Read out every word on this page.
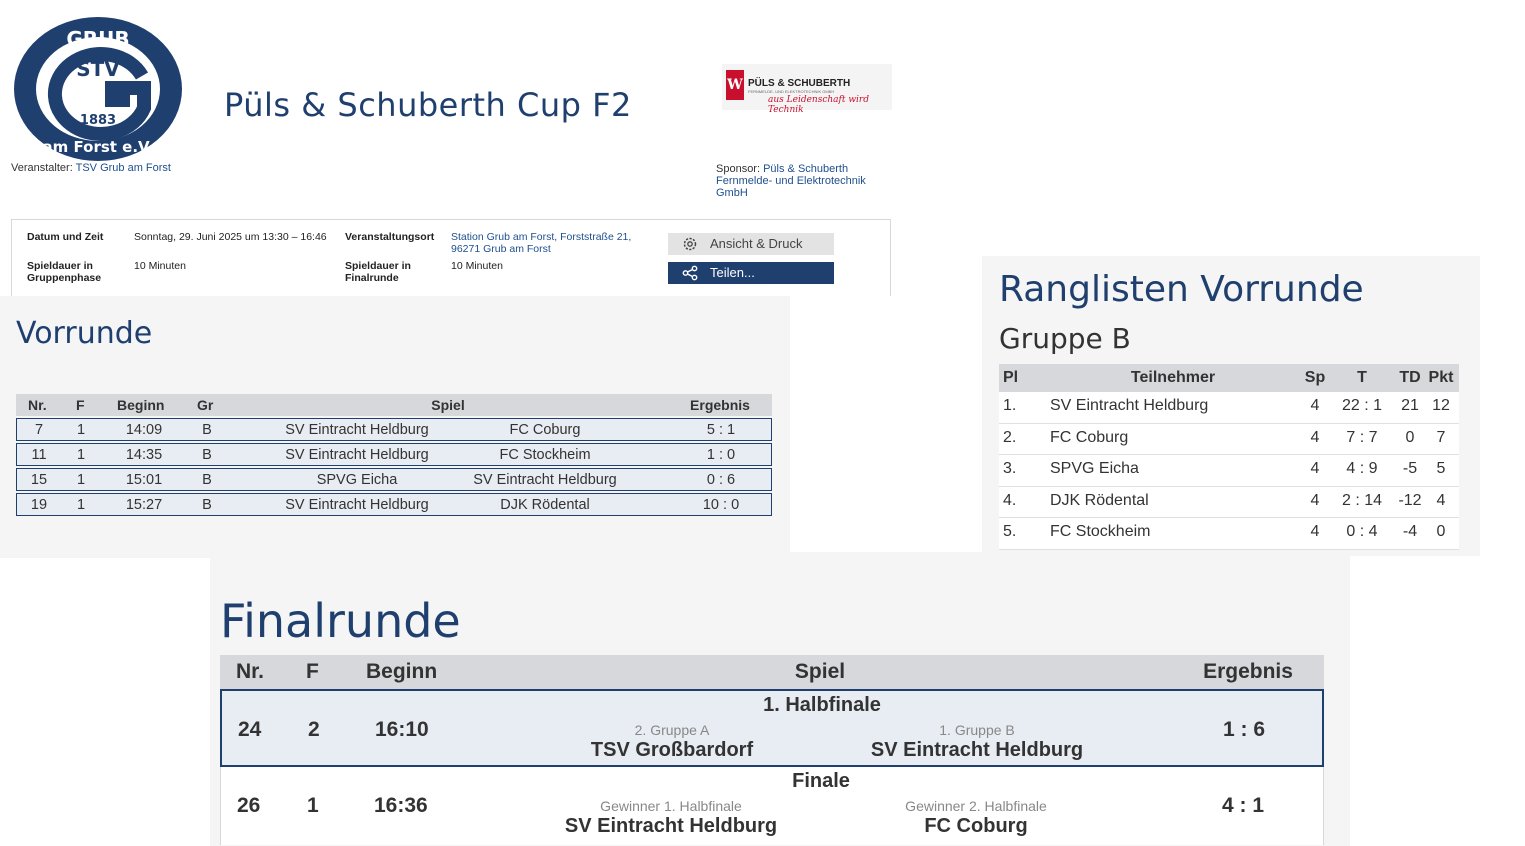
GRUB
STV
1883
am Forst e.V.
Püls & Schuberth Cup F2
W PÜLS & SCHUBERTH
FERNMELDE- UND ELEKTROTECHNIK GMBH
aus Leidenschaft wird Technik
Veranstalter: TSV Grub am Forst	Sponsor: Püls & Schuberth Fernmelde- und Elektrotechnik GmbH
Datum und Zeit	Sonntag, 29. Juni 2025 um 13:30 – 16:46
Spieldauer in Gruppenphase
10 Minuten
Veranstaltungsort	Station Grub am Forst, Forststraße 21, 96271 Grub am Forst
Spieldauer in Finalrunde
10 Minuten
Ansicht & Druck
Teilen...
Vorrunde
Nr. F Beginn Gr	Spiel	Ergebnis
7 1	14:09	B	SV Eintracht Heldburg	FC Coburg	5 : 1
11 1	14:35	B	SV Eintracht Heldburg	FC Stockheim	1 : 0
15 1	15:01	B	SPVG Eicha	SV Eintracht Heldburg	0 : 6
19 1	15:27	B	SV Eintracht Heldburg	DJK Rödental	10 : 0
Ranglisten Vorrunde
Gruppe B
Pl	Teilnehmer	Sp T TD Pkt
1. SV Eintracht Heldburg	4 22 : 1 21 12
2. FC Coburg	4 7 : 7 0 7
3. SPVG Eicha	4 4 : 9 -5 5
4. DJK Rödental	4 2 : 14 -12 4
5. FC Stockheim	4 0 : 4 -4 0
Finalrunde
Nr. F Beginn	Spiel	Ergebnis
1. Halbfinale
24 2	16:10	2. Gruppe A
TSV Großbardorf
1. Gruppe B
SV Eintracht Heldburg
1 : 6
Finale
26 1	16:36	Gewinner 1. Halbfinale
SV Eintracht Heldburg
Gewinner 2. Halbfinale
FC Coburg
4 : 1
